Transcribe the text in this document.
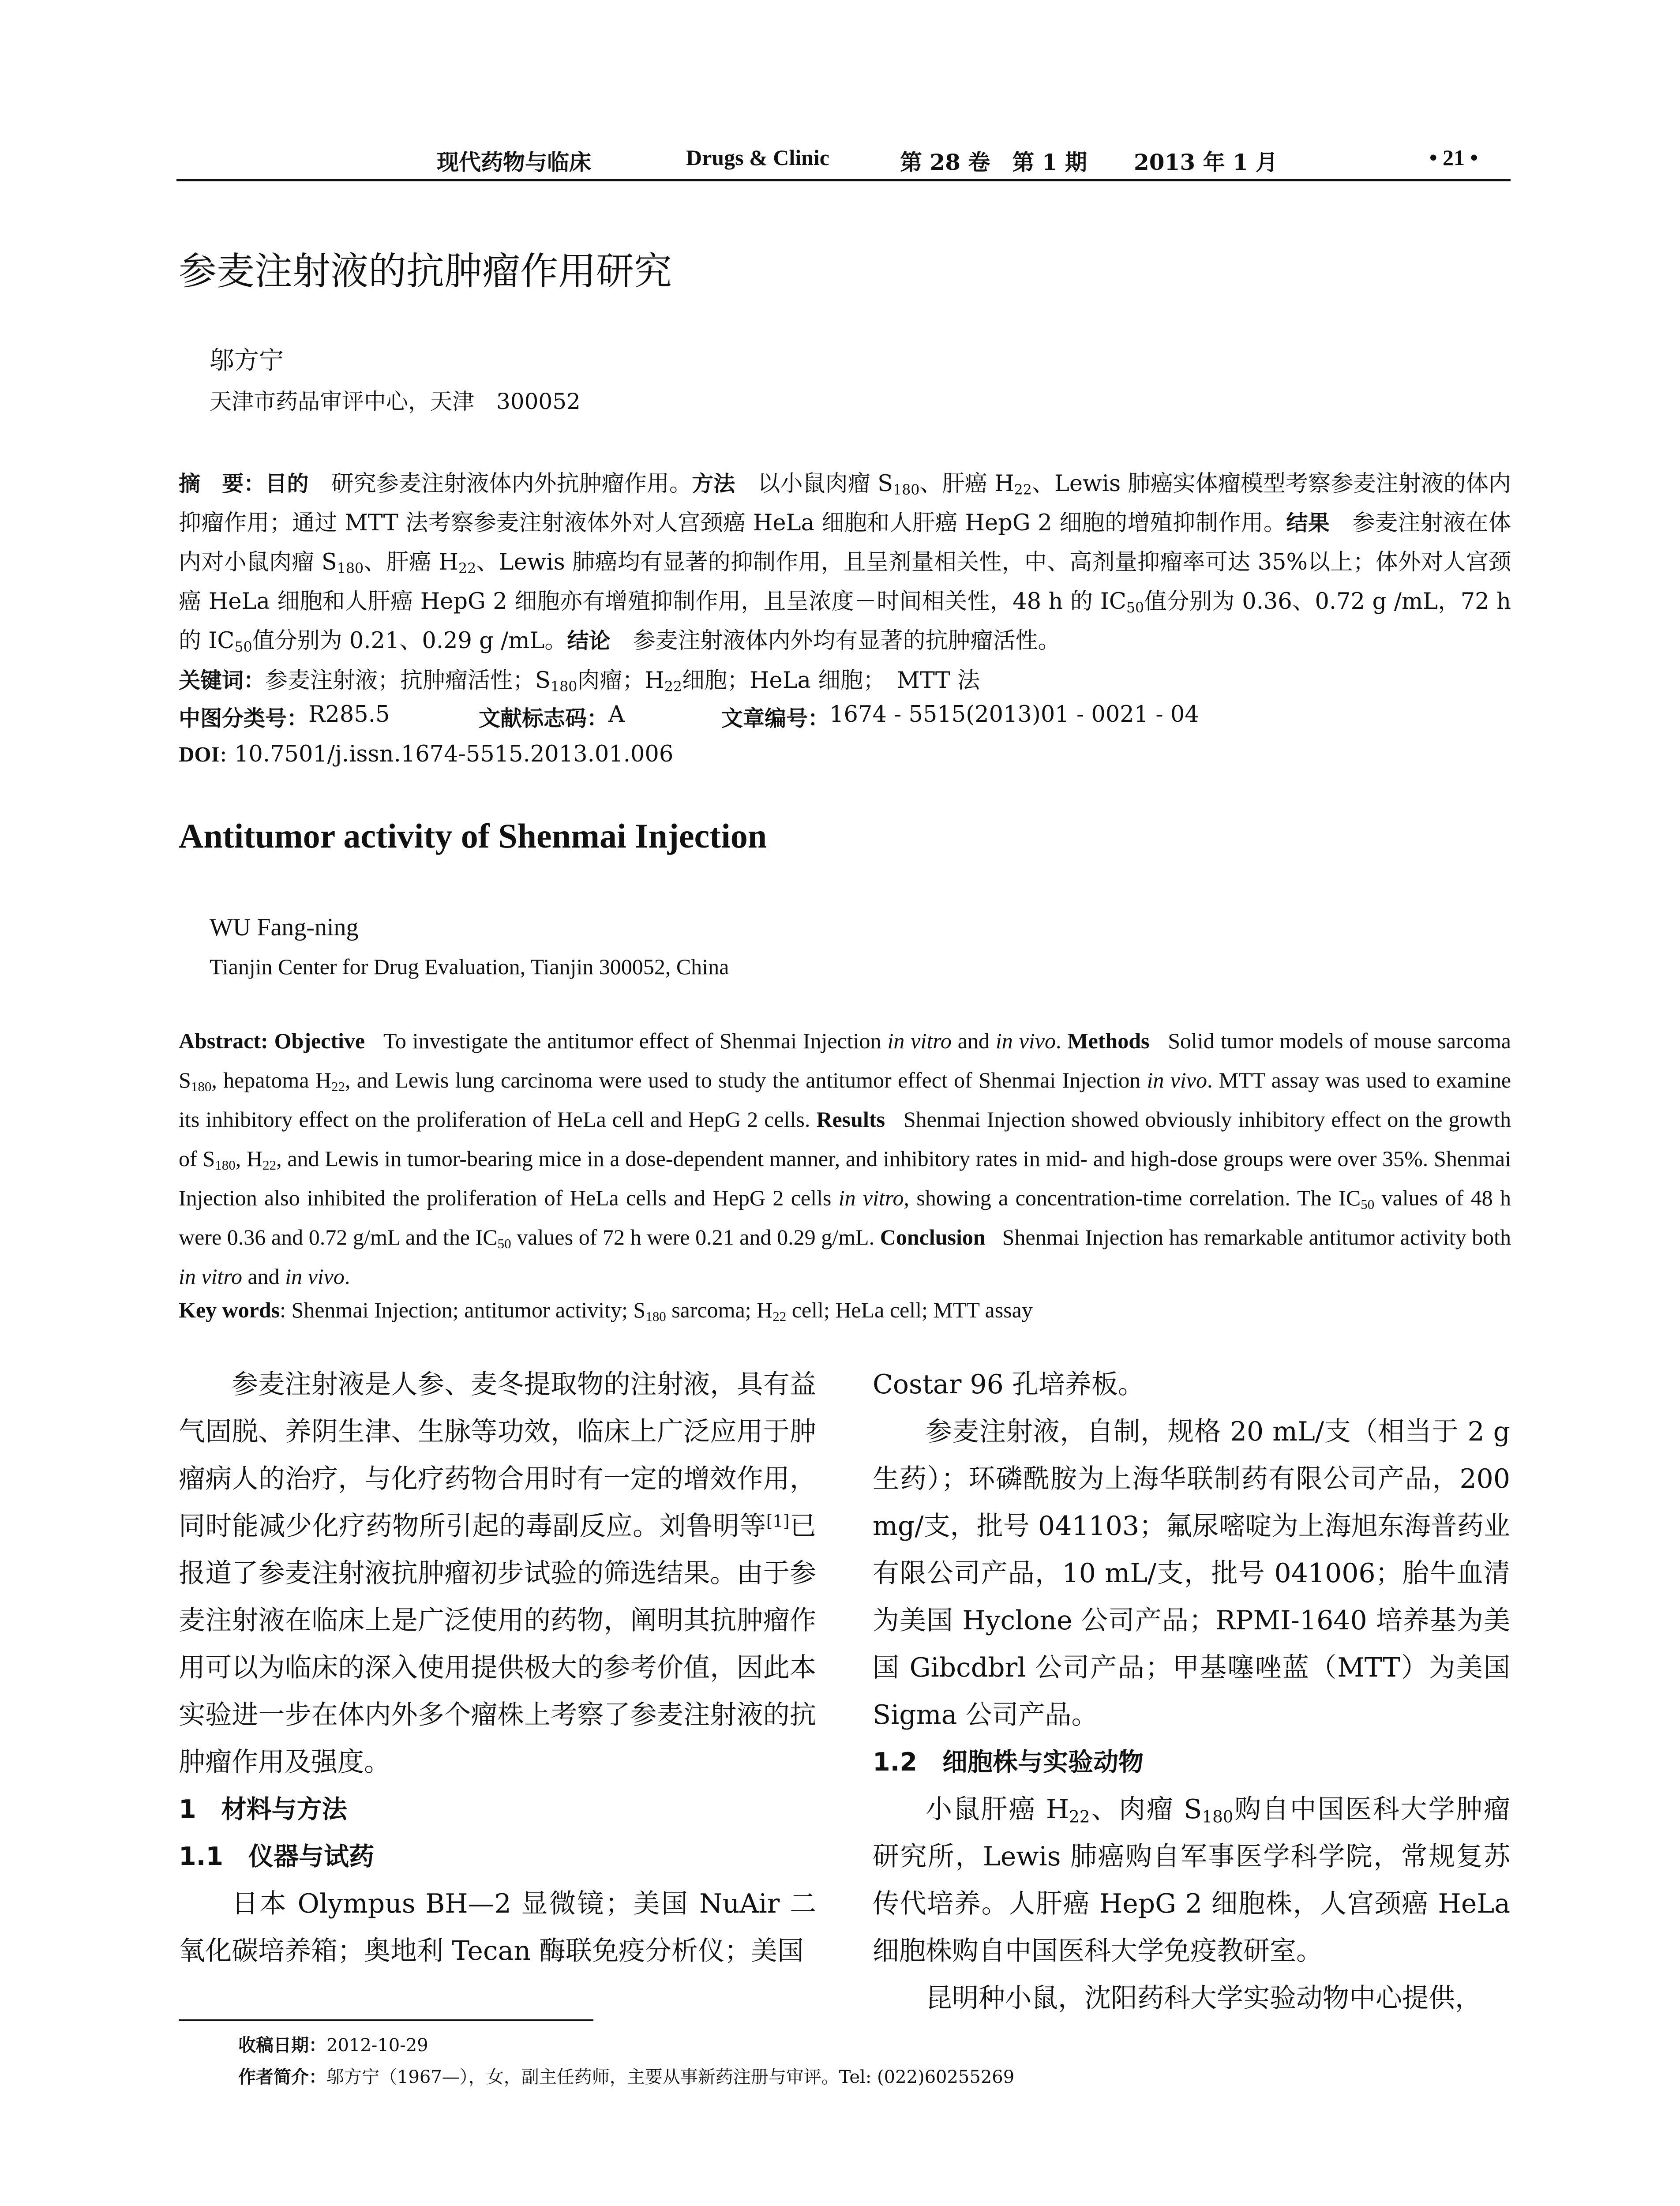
现代药物与临床	Drugs & Clinic	第 28 卷　第 1 期 2013 年 1 月	• 21 •
参麦注射液的抗肿瘤作用研究
邬方宁
天津市药品审评中心，天津　300052
摘　要：目的　 研究参麦注射液体内外抗肿瘤作用。方法　 以小鼠肉瘤 $S_{180}$、肝癌 $H_{22}$、Lewis 肺癌实体瘤模型考察参麦注射液的体内抑瘤作用；通过 MTT 法考察参麦注射液体外对人宫颈癌 HeLa 细胞和人肝癌 HepG 2 细胞的增殖抑制作用。结果　 参麦注射液在体内对小鼠肉瘤 $S_{180}$、肝癌 $H_{22}$、Lewis 肺癌均有显著的抑制作用，且呈剂量相关性，中、高剂量抑瘤率可达 35%以上；体外对人宫颈癌 HeLa 细胞和人肝癌 HepG 2 细胞亦有增殖抑制作用，且呈浓度－时间相关性，48 h 的 $IC_{50}$值分别为 0.36、0.72 g /mL，72 h 的 $IC_{50}$值分别为 0.21、0.29 g /mL。结论　 参麦注射液体内外均有显著的抗肿瘤活性。
关键词：参麦注射液；抗肿瘤活性；$S_{180}$肉瘤；$H_{22}$细胞；HeLa 细胞；　MTT 法
中图分类号： R285.5	文献标志码： A	文章编号： 1674 - 5515(2013)01 - 0021 - 04
DOI: 10.7501/j.issn.1674-5515.2013.01.006
Antitumor activity of Shenmai Injection
WU Fang-ning
Tianjin Center for Drug Evaluation, Tianjin 300052, China
Abstract: Objective To investigate the antitumor effect of Shenmai Injection in vitro and in vivo. Methods Solid tumor models of mouse sarcoma $S_{180}$, hepatoma $H_{22}$, and Lewis lung carcinoma were used to study the antitumor effect of Shenmai Injection in vivo. MTT assay was used to examine its inhibitory effect on the proliferation of HeLa cell and HepG 2 cells. Results Shenmai Injection showed obviously inhibitory effect on the growth of $S_{180}$, $H_{22}$, and Lewis in tumor-bearing mice in a dose-dependent manner, and inhibitory rates in mid- and high-dose groups were over 35%. Shenmai Injection also inhibited the proliferation of HeLa cells and HepG 2 cells in vitro, showing a concentration-time correlation. The $IC_{50}$ values of 48 h were 0.36 and 0.72 g/mL and the $IC_{50}$ values of 72 h were 0.21 and 0.29 g/mL. Conclusion Shenmai Injection has remarkable antitumor activity both in vitro and in vivo.
Key words: Shenmai Injection; antitumor activity; $S_{180}$ sarcoma; $H_{22}$ cell; HeLa cell; MTT assay

参麦注射液是人参、麦冬提取物的注射液，具有益气固脱、养阴生津、生脉等功效，临床上广泛应用于肿瘤病人的治疗，与化疗药物合用时有一定的增效作用，同时能减少化疗药物所引起的毒副反应。刘鲁明等[1]已报道了参麦注射液抗肿瘤初步试验的筛选结果。由于参麦注射液在临床上是广泛使用的药物，阐明其抗肿瘤作用可以为临床的深入使用提供极大的参考价值，因此本实验进一步在体内外多个瘤株上考察了参麦注射液的抗肿瘤作用及强度。

1　材料与方法

1.1　仪器与试药

日本 Olympus BH—2 显微镜；美国 NuAir 二氧化碳培养箱；奥地利 Tecan 酶联免疫分析仪；美国

Costar 96 孔培养板。

参麦注射液，自制，规格 20 mL/支（相当于 2 g 生药）；环磷酰胺为上海华联制药有限公司产品，200 mg/支，批号 041103；氟尿嘧啶为上海旭东海普药业有限公司产品，10 mL/支，批号 041006；胎牛血清为美国 Hyclone 公司产品；RPMI-1640 培养基为美国 Gibcdbrl 公司产品；甲基噻唑蓝（MTT）为美国 Sigma 公司产品。

1.2　细胞株与实验动物

小鼠肝癌 $H_{22}$、肉瘤 $S_{180}$购自中国医科大学肿瘤研究所，Lewis 肺癌购自军事医学科学院，常规复苏传代培养。人肝癌 HepG 2 细胞株，人宫颈癌 HeLa 细胞株购自中国医科大学免疫教研室。

昆明种小鼠，沈阳药科大学实验动物中心提供，

收稿日期：2012-10-29
作者简介：邬方宁（1967—），女，副主任药师，主要从事新药注册与审评。Tel: (022)60255269
